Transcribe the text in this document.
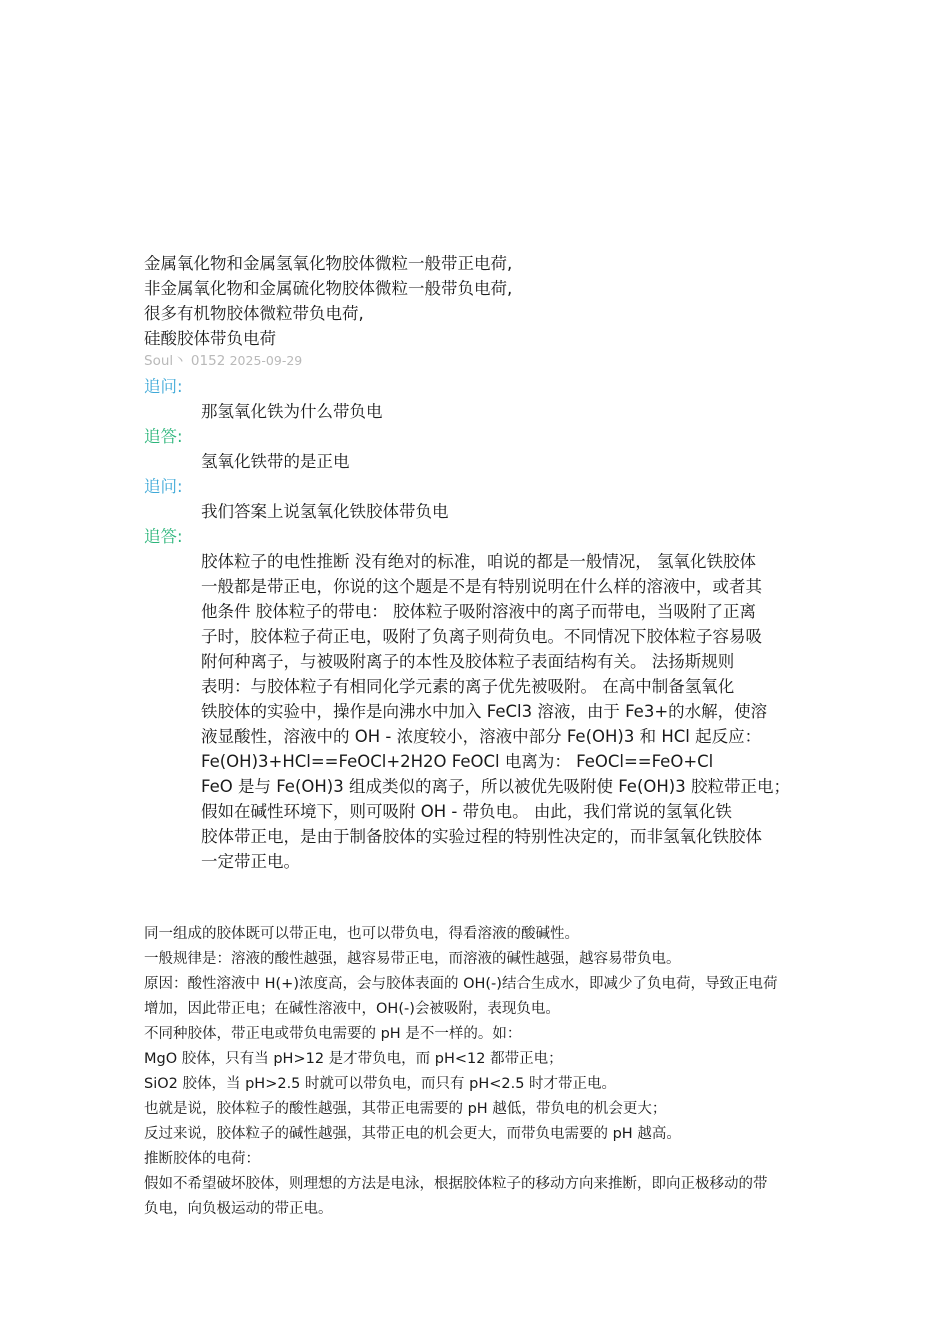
金属氧化物和金属氢氧化物胶体微粒一般带正电荷,
非金属氧化物和金属硫化物胶体微粒一般带负电荷,
很多有机物胶体微粒带负电荷,
硅酸胶体带负电荷
Soul丶 0152 2025-09-29
追问:
那氢氧化铁为什么带负电
追答:
氢氧化铁带的是正电
追问:
我们答案上说氢氧化铁胶体带负电
追答:
胶体粒子的电性推断 没有绝对的标准，咱说的都是一般情况， 氢氧化铁胶体
一般都是带正电，你说的这个题是不是有特别说明在什么样的溶液中，或者其
他条件 胶体粒子的带电： 胶体粒子吸附溶液中的离子而带电，当吸附了正离
子时，胶体粒子荷正电，吸附了负离子则荷负电。不同情况下胶体粒子容易吸
附何种离子，与被吸附离子的本性及胶体粒子表面结构有关。 法扬斯规则
表明：与胶体粒子有相同化学元素的离子优先被吸附。 在高中制备氢氧化
铁胶体的实验中，操作是向沸水中加入 FeCl3 溶液，由于 Fe3+的水解，使溶
液显酸性，溶液中的 OH - 浓度较小，溶液中部分 Fe(OH)3 和 HCl 起反应：
Fe(OH)3+HCl==FeOCl+2H2O FeOCl 电离为： FeOCl==FeO+Cl
FeO 是与 Fe(OH)3 组成类似的离子，所以被优先吸附使 Fe(OH)3 胶粒带正电；
假如在碱性环境下，则可吸附 OH - 带负电。 由此，我们常说的氢氧化铁
胶体带正电，是由于制备胶体的实验过程的特别性决定的，而非氢氧化铁胶体
一定带正电。
同一组成的胶体既可以带正电，也可以带负电，得看溶液的酸碱性。
一般规律是：溶液的酸性越强，越容易带正电，而溶液的碱性越强，越容易带负电。
原因：酸性溶液中 H(+)浓度高，会与胶体表面的 OH(-)结合生成水，即减少了负电荷，导致正电荷
增加，因此带正电；在碱性溶液中，OH(-)会被吸附，表现负电。
不同种胶体，带正电或带负电需要的 pH 是不一样的。如：
MgO 胶体，只有当 pH>12 是才带负电，而 pH<12 都带正电；
SiO2 胶体，当 pH>2.5 时就可以带负电，而只有 pH<2.5 时才带正电。
也就是说，胶体粒子的酸性越强，其带正电需要的 pH 越低，带负电的机会更大；
反过来说，胶体粒子的碱性越强，其带正电的机会更大，而带负电需要的 pH 越高。
推断胶体的电荷：
假如不希望破坏胶体，则理想的方法是电泳，根据胶体粒子的移动方向来推断，即向正极移动的带
负电，向负极运动的带正电。
